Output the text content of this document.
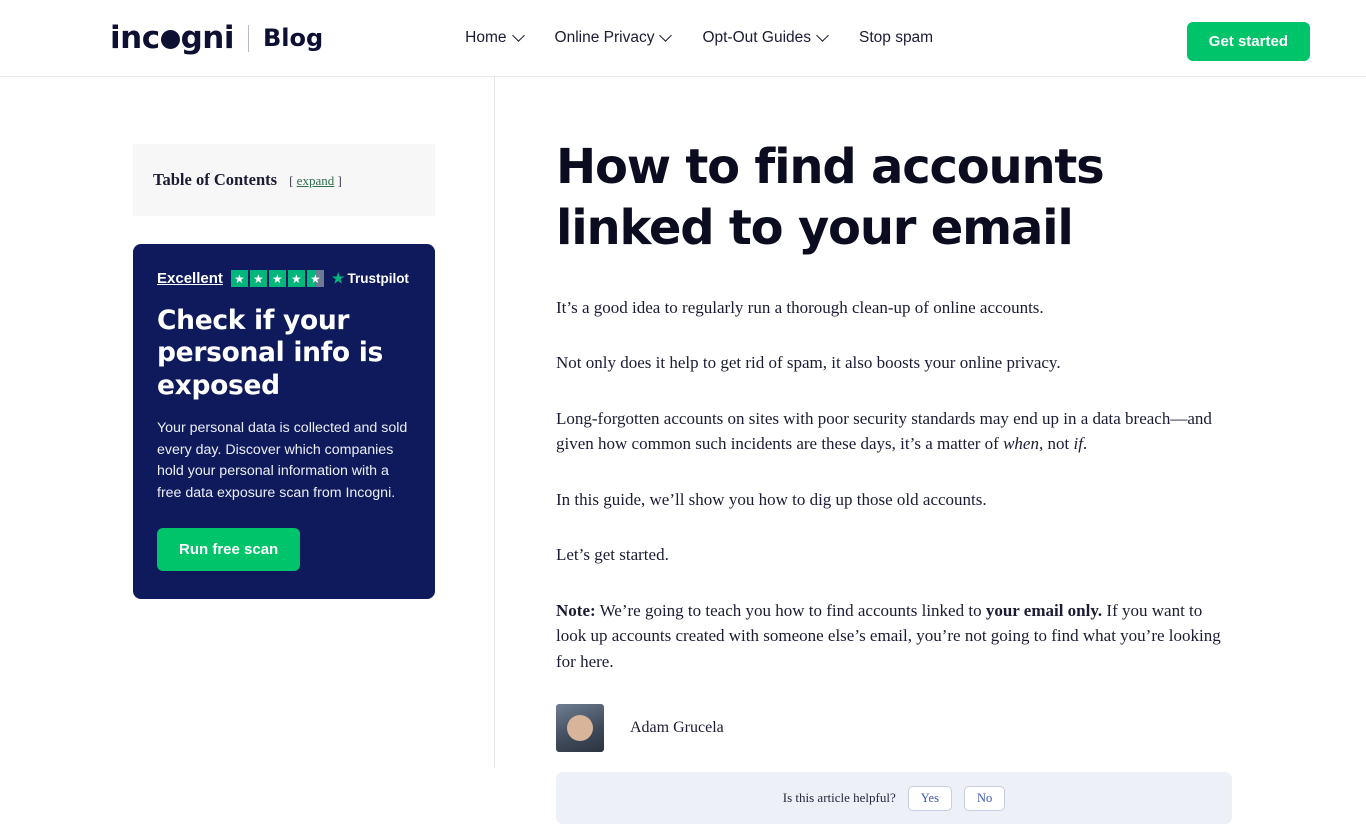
inc gni Blog	Home	Online Privacy	Opt-Out Guides	Stop spam	Get started
Table of Contents [ expand ]
Excellent ★ ★ ★ ★ ★ ★ Trustpilot
Check if your personal info is exposed
Your personal data is collected and sold every day. Discover which companies hold your personal information with a free data exposure scan from Incogni.
Run free scan
How to find accounts linked to your email

It’s a good idea to regularly run a thorough clean-up of online accounts.

Not only does it help to get rid of spam, it also boosts your online privacy.

Long-forgotten accounts on sites with poor security standards may end up in a data breach—and given how common such incidents are these days, it’s a matter of when, not if.

In this guide, we’ll show you how to dig up those old accounts.

Let’s get started.

Note: We’re going to teach you how to find accounts linked to your email only. If you want to look up accounts created with someone else’s email, you’re not going to find what you’re looking for here.

Adam Grucela
Is this article helpful?	Yes	No
